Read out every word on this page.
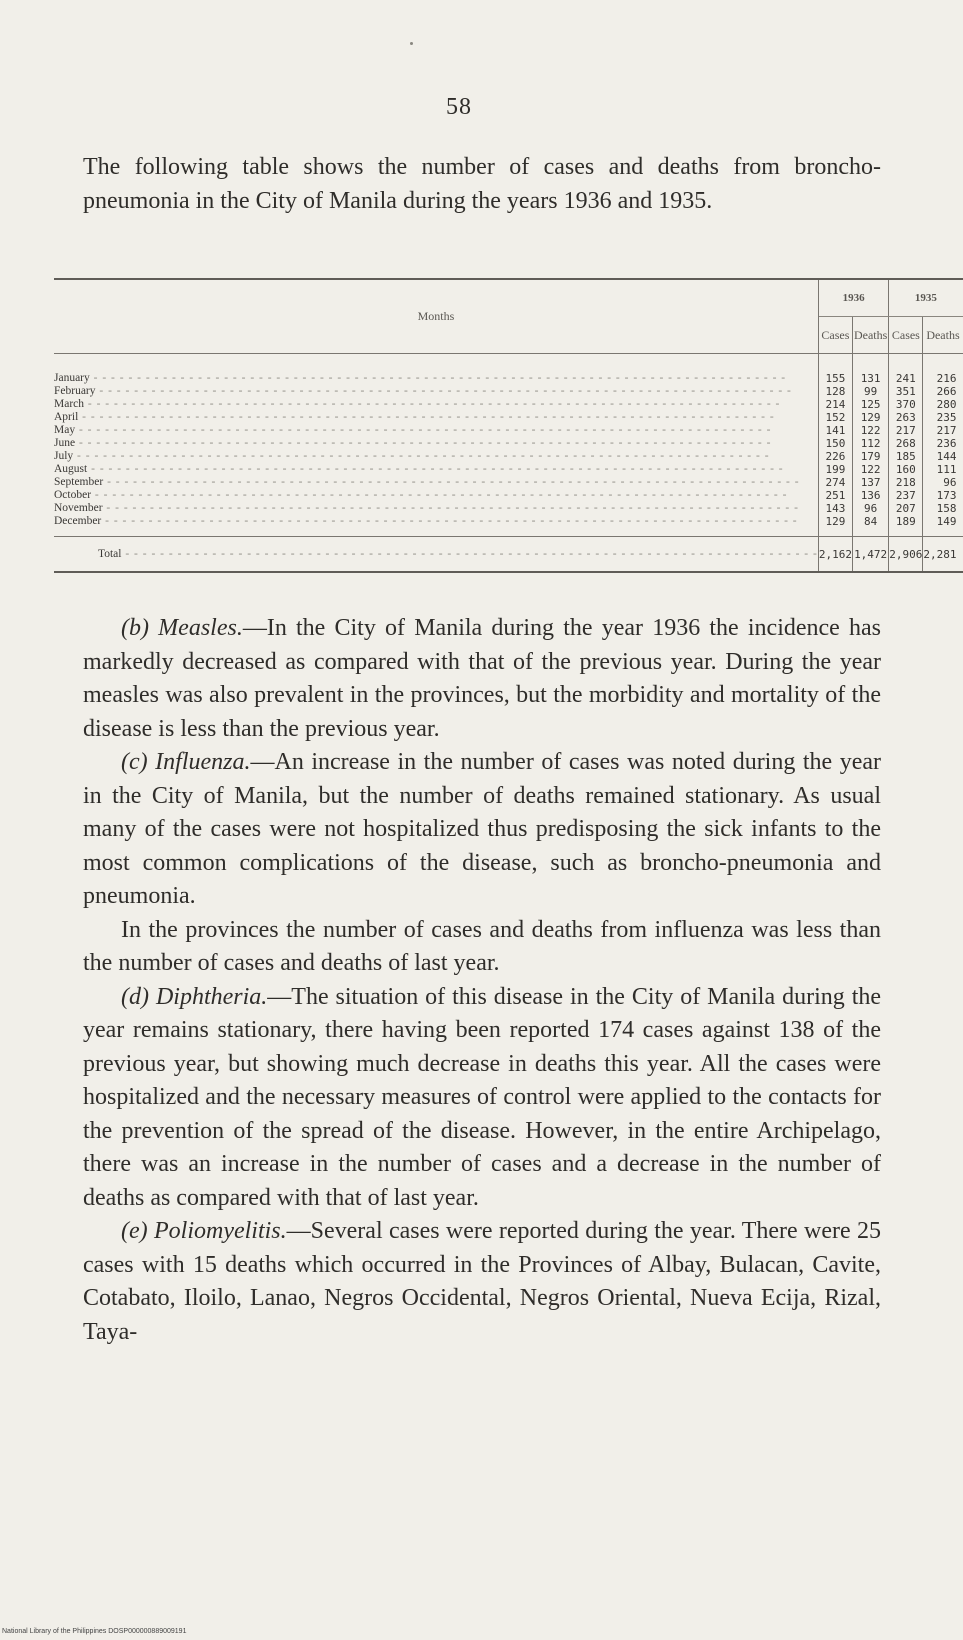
58

The following table shows the number of cases and deaths from broncho-pneumonia in the City of Manila during the years 1936 and 1935.

Months	1936		1935	
	Cases	Deaths	Cases	Deaths
January - - - - - - - - - - - - - - - - - - - - - - - - - - - - - - - - - - - - - - - - - - - - - - - - - - - - - - - - - - - - - - - - - - - - - - - - - - - - - - - -	155	131	241	216
February - - - - - - - - - - - - - - - - - - - - - - - - - - - - - - - - - - - - - - - - - - - - - - - - - - - - - - - - - - - - - - - - - - - - - - - - - - - - - - - -	128	99	351	266
March - - - - - - - - - - - - - - - - - - - - - - - - - - - - - - - - - - - - - - - - - - - - - - - - - - - - - - - - - - - - - - - - - - - - - - - - - - - - - - - -	214	125	370	280
April - - - - - - - - - - - - - - - - - - - - - - - - - - - - - - - - - - - - - - - - - - - - - - - - - - - - - - - - - - - - - - - - - - - - - - - - - - - - - - - -	152	129	263	235
May - - - - - - - - - - - - - - - - - - - - - - - - - - - - - - - - - - - - - - - - - - - - - - - - - - - - - - - - - - - - - - - - - - - - - - - - - - - - - - - -	141	122	217	217
June - - - - - - - - - - - - - - - - - - - - - - - - - - - - - - - - - - - - - - - - - - - - - - - - - - - - - - - - - - - - - - - - - - - - - - - - - - - - - - - -	150	112	268	236
July - - - - - - - - - - - - - - - - - - - - - - - - - - - - - - - - - - - - - - - - - - - - - - - - - - - - - - - - - - - - - - - - - - - - - - - - - - - - - - - -	226	179	185	144
August - - - - - - - - - - - - - - - - - - - - - - - - - - - - - - - - - - - - - - - - - - - - - - - - - - - - - - - - - - - - - - - - - - - - - - - - - - - - - - - -	199	122	160	111
September - - - - - - - - - - - - - - - - - - - - - - - - - - - - - - - - - - - - - - - - - - - - - - - - - - - - - - - - - - - - - - - - - - - - - - - - - - - - - - - -	274	137	218	96
October - - - - - - - - - - - - - - - - - - - - - - - - - - - - - - - - - - - - - - - - - - - - - - - - - - - - - - - - - - - - - - - - - - - - - - - - - - - - - - - -	251	136	237	173
November - - - - - - - - - - - - - - - - - - - - - - - - - - - - - - - - - - - - - - - - - - - - - - - - - - - - - - - - - - - - - - - - - - - - - - - - - - - - - - - -	143	96	207	158
December - - - - - - - - - - - - - - - - - - - - - - - - - - - - - - - - - - - - - - - - - - - - - - - - - - - - - - - - - - - - - - - - - - - - - - - - - - - - - - - -	129	84	189	149
Total - - - - - - - - - - - - - - - - - - - - - - - - - - - - - - - - - - - - - - - - - - - - - - - - - - - - - - - - - - - - - - - - - - - - - - - - - - - - - - - -	2,162	1,472	2,906	2,281

(b) Measles.—In the City of Manila during the year 1936 the incidence has markedly decreased as compared with that of the previous year. During the year measles was also prevalent in the provinces, but the morbidity and mortality of the disease is less than the previous year.

(c) Influenza.—An increase in the number of cases was noted during the year in the City of Manila, but the number of deaths remained stationary. As usual many of the cases were not hospitalized thus predisposing the sick infants to the most common complications of the disease, such as broncho-pneumonia and pneumonia.

In the provinces the number of cases and deaths from influenza was less than the number of cases and deaths of last year.

(d) Diphtheria.—The situation of this disease in the City of Manila during the year remains stationary, there having been reported 174 cases against 138 of the previous year, but showing much decrease in deaths this year. All the cases were hospitalized and the necessary measures of control were applied to the contacts for the prevention of the spread of the disease. However, in the entire Archipelago, there was an increase in the number of cases and a decrease in the number of deaths as compared with that of last year.

(e) Poliomyelitis.—Several cases were reported during the year. There were 25 cases with 15 deaths which occurred in the Provinces of Albay, Bulacan, Cavite, Cotabato, Iloilo, Lanao, Negros Occidental, Negros Oriental, Nueva Ecija, Rizal, Taya-

National Library of the Philippines DOSP000000889009191
